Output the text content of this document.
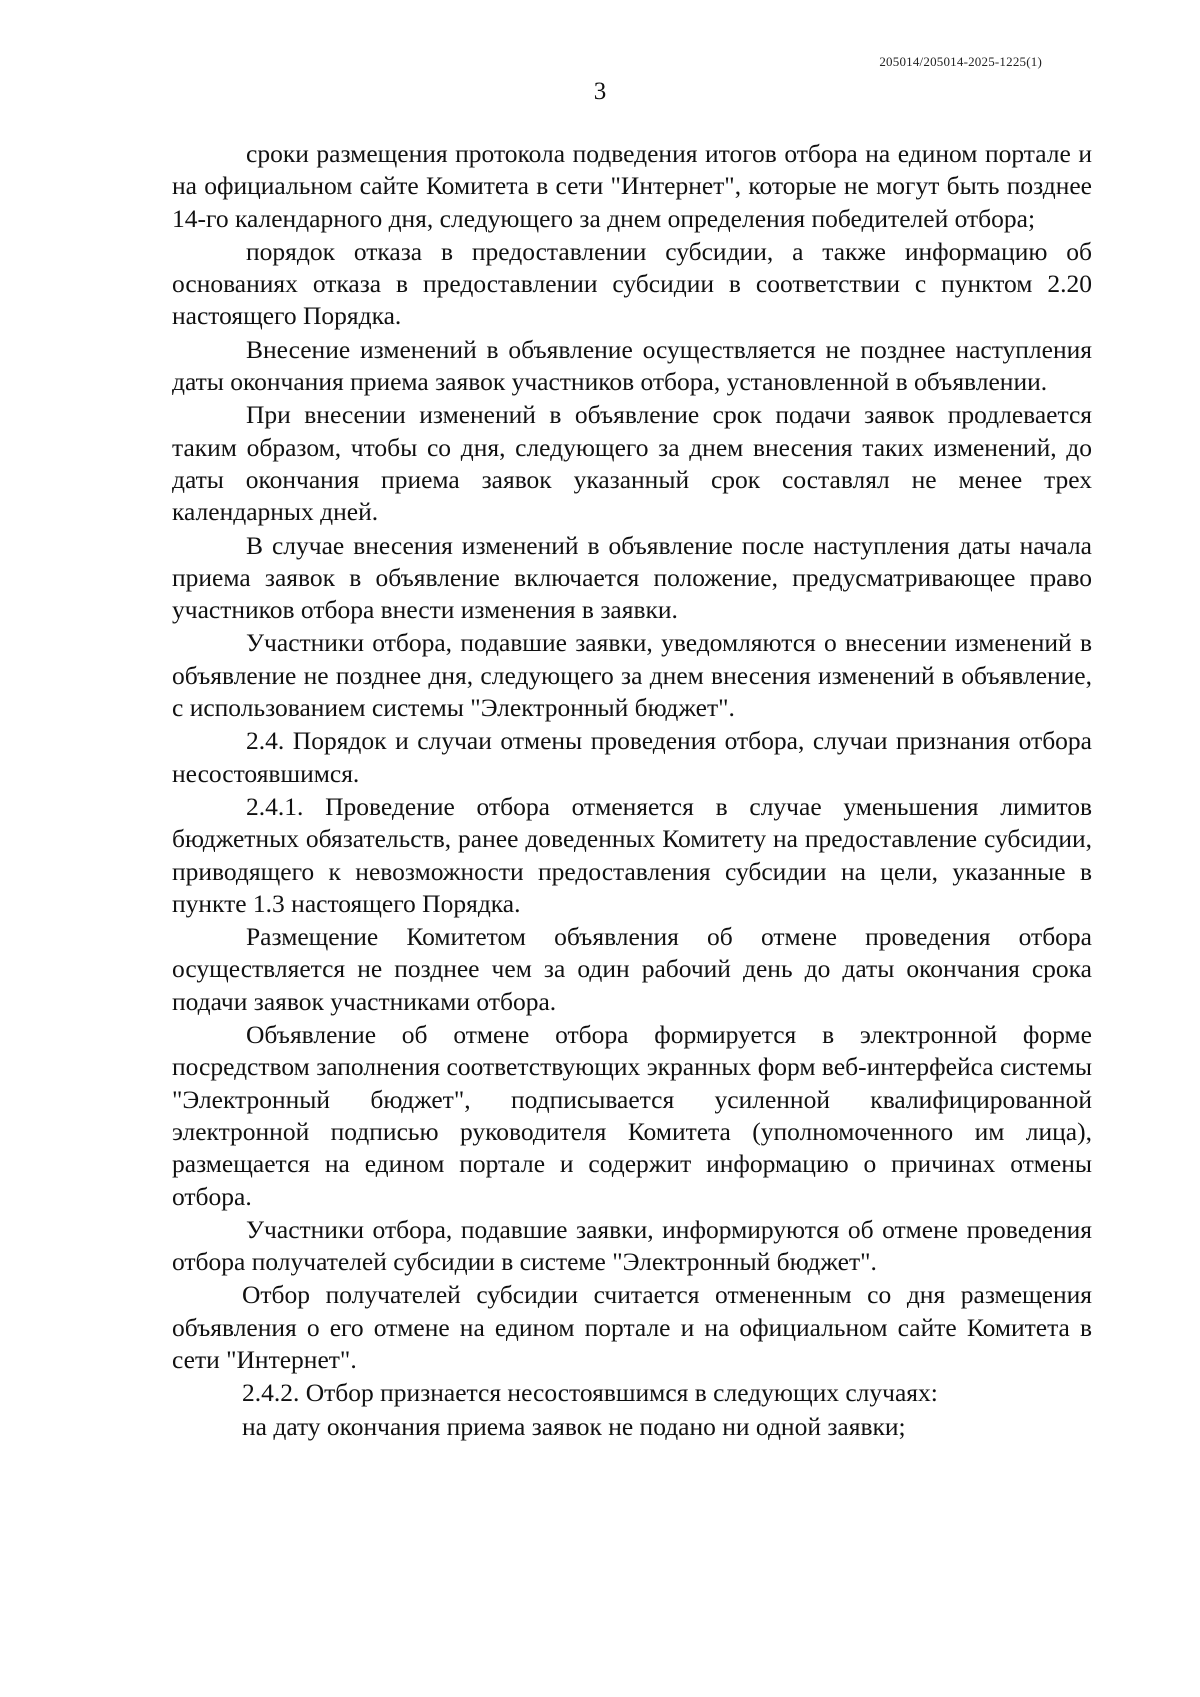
205014/205014-2025-1225(1)
3

сроки размещения протокола подведения итогов отбора на едином портале и на официальном сайте Комитета в сети "Интернет", которые не могут быть позднее 14-го календарного дня, следующего за днем определения победителей отбора;

порядок отказа в предоставлении субсидии, а также информацию об основаниях отказа в предоставлении субсидии в соответствии с пунктом 2.20 настоящего Порядка.

Внесение изменений в объявление осуществляется не позднее наступления даты окончания приема заявок участников отбора, установленной в объявлении.

При внесении изменений в объявление срок подачи заявок продлевается таким образом, чтобы со дня, следующего за днем внесения таких изменений, до даты окончания приема заявок указанный срок составлял не менее трех календарных дней.

В случае внесения изменений в объявление после наступления даты начала приема заявок в объявление включается положение, предусматривающее право участников отбора внести изменения в заявки.

Участники отбора, подавшие заявки, уведомляются о внесении изменений в объявление не позднее дня, следующего за днем внесения изменений в объявление, с использованием системы "Электронный бюджет".

2.4. Порядок и случаи отмены проведения отбора, случаи признания отбора несостоявшимся.

2.4.1. Проведение отбора отменяется в случае уменьшения лимитов бюджетных обязательств, ранее доведенных Комитету на предоставление субсидии, приводящего к невозможности предоставления субсидии на цели, указанные в пункте 1.3 настоящего Порядка.

Размещение Комитетом объявления об отмене проведения отбора осуществляется не позднее чем за один рабочий день до даты окончания срока подачи заявок участниками отбора.

Объявление об отмене отбора формируется в электронной форме посредством заполнения соответствующих экранных форм веб-интерфейса системы "Электронный бюджет", подписывается усиленной квалифицированной электронной подписью руководителя Комитета (уполномоченного им лица), размещается на едином портале и содержит информацию о причинах отмены отбора.

Участники отбора, подавшие заявки, информируются об отмене проведения отбора получателей субсидии в системе "Электронный бюджет".

Отбор получателей субсидии считается отмененным со дня размещения объявления о его отмене на едином портале и на официальном сайте Комитета в сети "Интернет".

2.4.2. Отбор признается несостоявшимся в следующих случаях:

на дату окончания приема заявок не подано ни одной заявки;
